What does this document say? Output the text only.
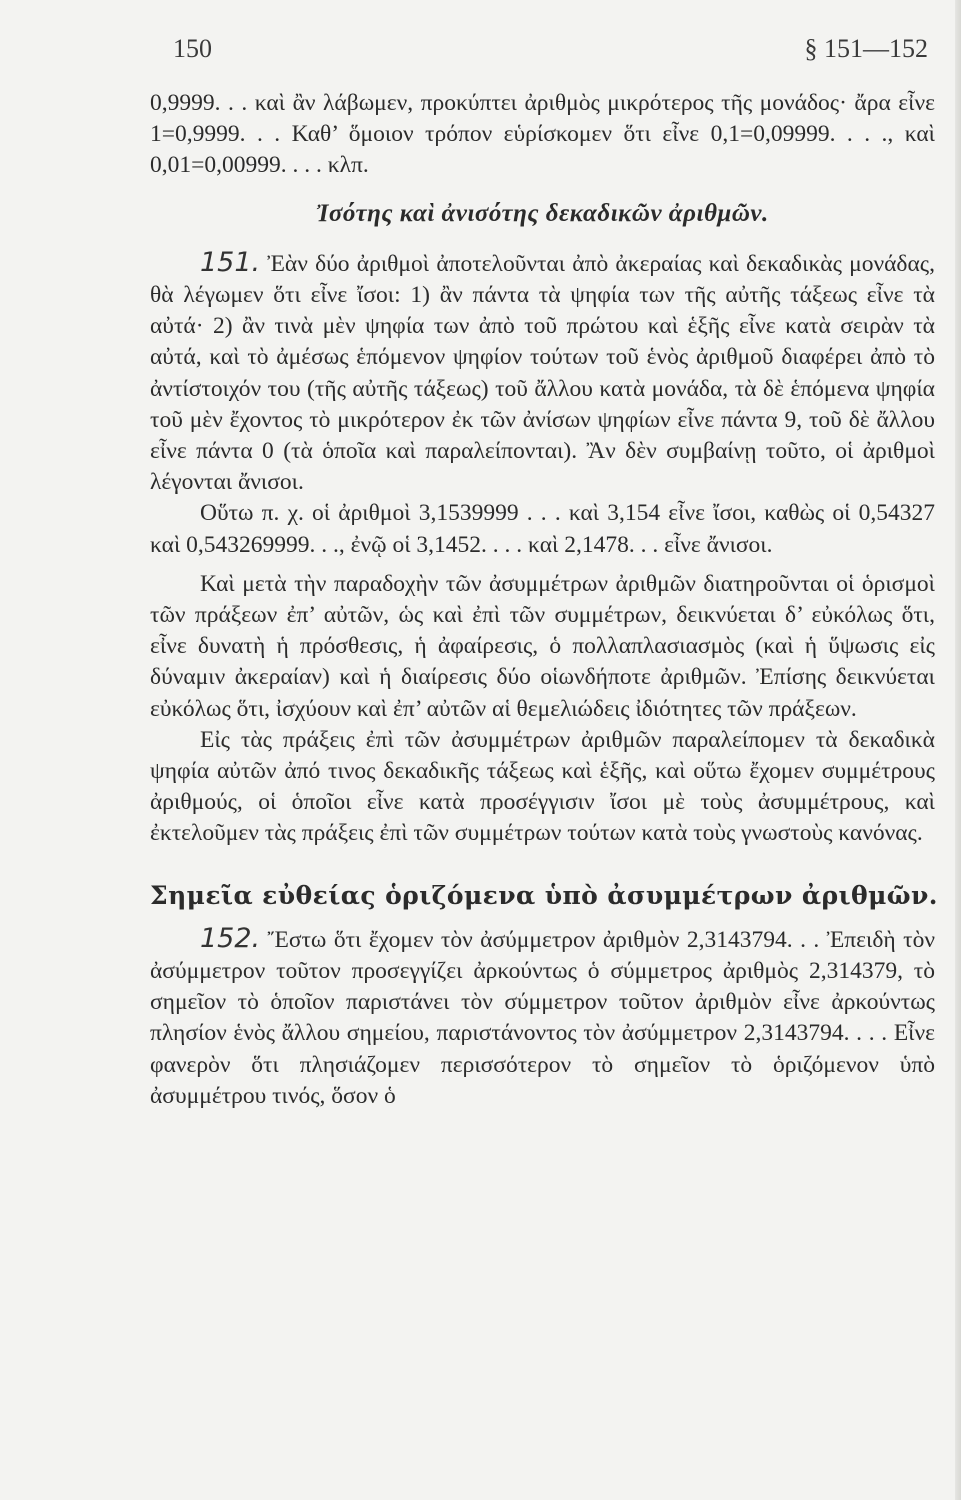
150	§ 151—152

0,9999. . . καὶ ἂν λάβωμεν, προκύπτει ἀριθμὸς μικρότερος τῆς μονάδος· ἄρα εἶνε 1=0,9999. . . Καθ’ ὅμοιον τρόπον εὑρίσκομεν ὅτι εἶνε 0,1=0,09999. . . ., καὶ 0,01=0,00999. . . . κλπ.

Ἰσότης καὶ ἀνισότης δεκαδικῶν ἀριθμῶν.

151. Ἐὰν δύο ἀριθμοὶ ἀποτελοῦνται ἀπὸ ἀκεραίας καὶ δεκαδικὰς μονάδας, θὰ λέγωμεν ὅτι εἶνε ἴσοι: 1) ἂν πάντα τὰ ψηφία των τῆς αὐτῆς τάξεως εἶνε τὰ αὐτά· 2) ἂν τινὰ μὲν ψηφία των ἀπὸ τοῦ πρώτου καὶ ἑξῆς εἶνε κατὰ σειρὰν τὰ αὐτά, καὶ τὸ ἀμέσως ἑπόμενον ψηφίον τούτων τοῦ ἑνὸς ἀριθμοῦ διαφέρει ἀπὸ τὸ ἀντίστοιχόν του (τῆς αὐτῆς τάξεως) τοῦ ἄλλου κατὰ μονάδα, τὰ δὲ ἑπόμενα ψηφία τοῦ μὲν ἔχοντος τὸ μικρότερον ἐκ τῶν ἀνίσων ψηφίων εἶνε πάντα 9, τοῦ δὲ ἄλλου εἶνε πάντα 0 (τὰ ὁποῖα καὶ παραλείπονται). Ἂν δὲν συμβαίνῃ τοῦτο, οἱ ἀριθμοὶ λέγονται ἄνισοι.

Οὕτω π. χ. οἱ ἀριθμοὶ 3,1539999 . . . καὶ 3,154 εἶνε ἴσοι, καθὼς οἱ 0,54327 καὶ 0,543269999. . ., ἐνῷ οἱ 3,1452. . . . καὶ 2,1478. . . εἶνε ἄνισοι.

Καὶ μετὰ τὴν παραδοχὴν τῶν ἀσυμμέτρων ἀριθμῶν διατηροῦνται οἱ ὁρισμοὶ τῶν πράξεων ἐπ’ αὐτῶν, ὡς καὶ ἐπὶ τῶν συμμέτρων, δεικνύεται δ’ εὐκόλως ὅτι, εἶνε δυνατὴ ἡ πρόσθεσις, ἡ ἀφαίρεσις, ὁ πολλαπλασιασμὸς (καὶ ἡ ὕψωσις εἰς δύναμιν ἀκεραίαν) καὶ ἡ διαίρεσις δύο οἱωνδήποτε ἀριθμῶν. Ἐπίσης δεικνύεται εὐκόλως ὅτι, ἰσχύουν καὶ ἐπ’ αὐτῶν αἱ θεμελιώδεις ἰδιότητες τῶν πράξεων.

Εἰς τὰς πράξεις ἐπὶ τῶν ἀσυμμέτρων ἀριθμῶν παραλείπομεν τὰ δεκαδικὰ ψηφία αὐτῶν ἀπό τινος δεκαδικῆς τάξεως καὶ ἑξῆς, καὶ οὕτω ἔχομεν συμμέτρους ἀριθμούς, οἱ ὁποῖοι εἶνε κατὰ προσέγγισιν ἴσοι μὲ τοὺς ἀσυμμέτρους, καὶ ἐκτελοῦμεν τὰς πράξεις ἐπὶ τῶν συμμέτρων τούτων κατὰ τοὺς γνωστοὺς κανόνας.

Σημεῖα εὐθείας ὁριζόμενα ὑπὸ ἀσυμμέτρων ἀριθμῶν.

152. Ἔστω ὅτι ἔχομεν τὸν ἀσύμμετρον ἀριθμὸν 2,3143794. . . Ἐπειδὴ τὸν ἀσύμμετρον τοῦτον προσεγγίζει ἀρκούντως ὁ σύμμετρος ἀριθμὸς 2,314379, τὸ σημεῖον τὸ ὁποῖον παριστάνει τὸν σύμμετρον τοῦτον ἀριθμὸν εἶνε ἀρκούντως πλησίον ἑνὸς ἄλλου σημείου, παριστάνοντος τὸν ἀσύμμετρον 2,3143794. . . . Εἶνε φανερὸν ὅτι πλησιάζομεν περισσότερον τὸ σημεῖον τὸ ὁριζόμενον ὑπὸ ἀσυμμέτρου τινός, ὅσον ὁ
